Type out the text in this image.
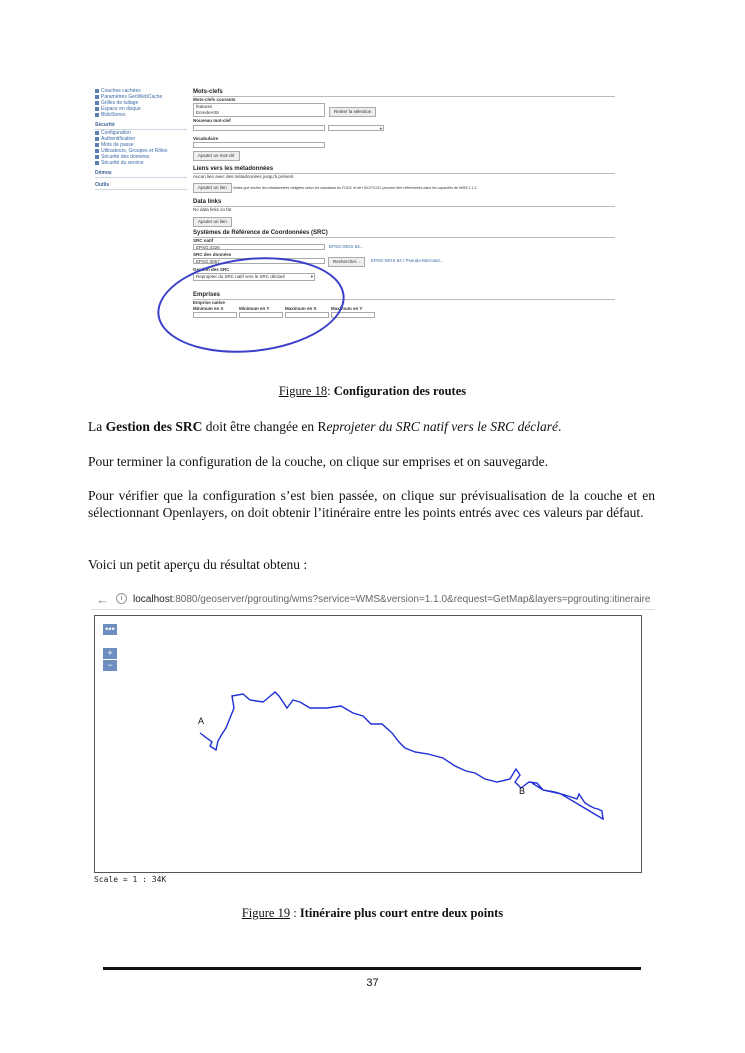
Couches cachées
Paramètres GeoWebCache
Grilles de tuilage
Espace en disque
BlobStores
Sécurité
Configuration
Authentification
Mots de passe
Utilisateurs, Groupes et Rôles
Sécurité des données
Sécurité du service
Démos
Outils
Mots-clefs
Mots-clefs courants
features
EnredeArt8	Retirer la sélection
Nouveau mot-clef
▾
Vocabulaire
Ajouter un mot-clé
Liens vers les métadonnées
Aucun lien avec des métadonnées jusqu'à présent
Ajouter un lien Notez que seules les métadonnées rédigées selon les standards du FGDC et de l'ISO/TC211 peuvent être référencées dans les capacités de WMS 1.1.1
Data links
No data links so far
Ajouter un lien
Systèmes de Référence de Coordonnées (SRC)
SRC natif
EPSG:4326	EPSG:WGS 84...
SRC des données
EPSG:3857	Rechercher...	EPSG:WGS 84 / Pseudo-Mercator...
Gestion des SRC
Reprojeter du SRC natif vers le SRC déclaré	▾
Emprises
Emprise native
Minimum en X	Minimum en Y	Maximum en X	Maximum en Y
Figure 18: Configuration des routes
La Gestion des SRC doit être changée en Reprojeter du SRC natif vers le SRC déclaré.
Pour terminer la configuration de la couche, on clique sur emprises et on sauvegarde.
Pour vérifier que la configuration s’est bien passée, on clique sur prévisualisation de la couche et en sélectionnant Openlayers, on doit obtenir l’itinéraire entre les points entrés avec ces valeurs par défaut.
Voici un petit aperçu du résultat obtenu :
←	i	localhost:8080/geoserver/pgrouting/wms?service=WMS&version=1.1.0&request=GetMap&layers=pgrouting:itineraire
•••
+
−
A
B
Scale = 1 : 34K
Figure 19 : Itinéraire plus court entre deux points
37
